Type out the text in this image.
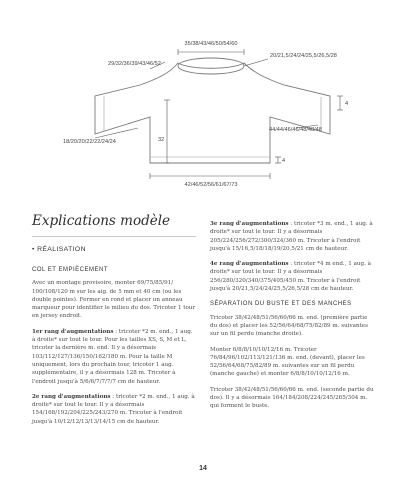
35/38/43/46/50/54/60
20/21,5/24/24/25,5/26,5/28
29/32/36/39/43/46/52
4
44/44/46/46/48/48/48
18/20/20/22/22/24/24	32
4
42/46/52/56/61/67/73
Explications modèle
• RÉALISATION
COL ET EMPIÈCEMENT

Avec un montage provisoire, monter 69/75/85/91/ 100/108/120 m sur les aig. de 5 mm et 40 cm (ou les double pointes). Fermer en rond et placer un anneau marqueur pour identifier le milieu du dos. Tricoter 1 tour en jersey endroit.

1er rang d'augmentations : tricoter *2 m. end., 1 aug. à droite* sur tout le tour. Pour les tailles XS, S, M et L, tricoter la dernière m. end. Il y a désormais 103/112/127/136/150/162/180 m. Pour la taille M uniquement, lors du prochain tour, tricoter 1 aug. supplémentaire, il y a désormais 128 m. Tricoter à l'endroit jusqu'à 5/6/6/7/7/7/7 cm de hauteur.

2e rang d'augmentations : tricoter *2 m. end., 1 aug. à droite* sur tout le tour. Il y a désormais 154/168/192/204/225/243/270 m. Tricoter à l'endroit jusqu'à 10/12/12/13/13/14/15 cm de hauteur.

3e rang d'augmentations : tricoter *3 m. end., 1 aug. à droite* sur tout le tour. Il y a désormais 205/224/256/272/300/324/360 m. Tricoter à l'endroit jusqu'à 15/16,5/18/18/19/20,5/21 cm de hauteur.

4e rang d'augmentations : tricoter *4 m end., 1 aug. à droite* sur tout le tour. Il y a désormais 256/280/320/340/375/405/450 m. Tricoter à l'endroit jusqu'à 20/21,5/24/24/25,5/26,5/28 cm de hauteur.

SÉPARATION DU BUSTE ET DES MANCHES

Tricoter 38/42/48/51/56/60/66 m. end. (première partie du dos) et placer les 52/56/64/68/75/82/89 m. suivantes sur un fil perdu (manche droite).

Monter 6/8/8/10/10/12/16 m. Tricoter 76/84/96/102/113/121/136 m. end. (devant), placer les 52/56/64/68/75/82/89 m. suivantes sur un fil perdu (manche gauche) et monter 6/8/8/10/10/12/16 m.

Tricoter 38/42/48/51/56/60/66 m. end. (seconde partie du dos). Il y a désormais 164/184/208/224/245/265/304 m. qui forment le buste.

14
